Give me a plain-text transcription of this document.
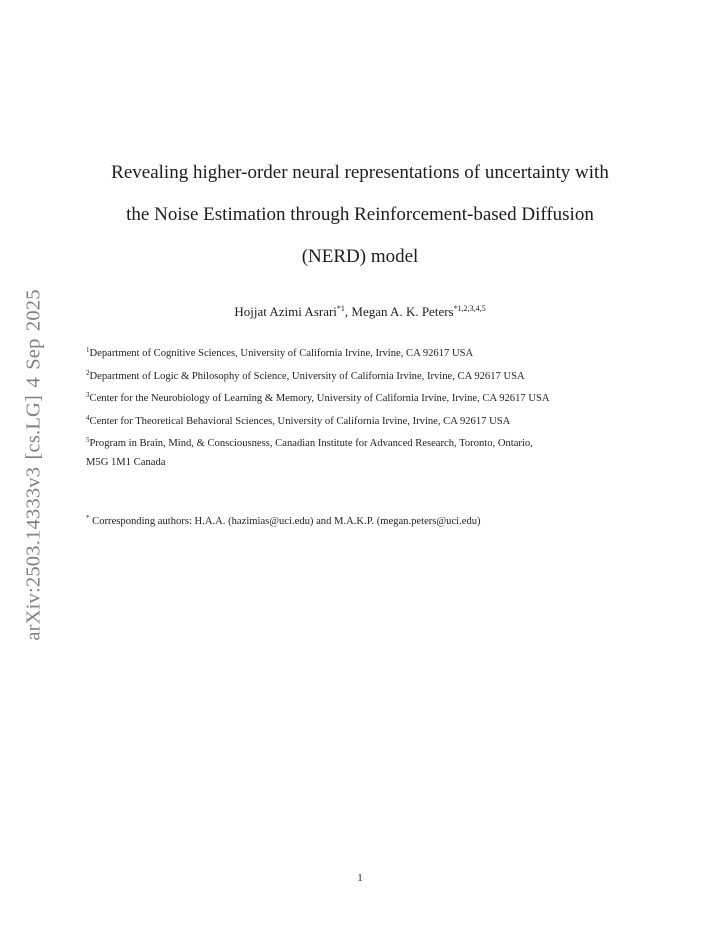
arXiv:2503.14333v3 [cs.LG] 4 Sep 2025
Revealing higher-order neural representations of uncertainty with
the Noise Estimation through Reinforcement-based Diffusion
(NERD) model
Hojjat Azimi Asrari$^{*1}$, Megan A. K. Peters$^{*1,2,3,4,5}$
$^1$Department of Cognitive Sciences, University of California Irvine, Irvine, CA 92617 USA
$^2$Department of Logic & Philosophy of Science, University of California Irvine, Irvine, CA 92617 USA
$^3$Center for the Neurobiology of Learning & Memory, University of California Irvine, Irvine, CA 92617 USA
$^4$Center for Theoretical Behavioral Sciences, University of California Irvine, Irvine, CA 92617 USA
$^5$Program in Brain, Mind, & Consciousness, Canadian Institute for Advanced Research, Toronto, Ontario,
M5G 1M1 Canada
* Corresponding authors: H.A.A. (hazimias@uci.edu) and M.A.K.P. (megan.peters@uci.edu)
1
